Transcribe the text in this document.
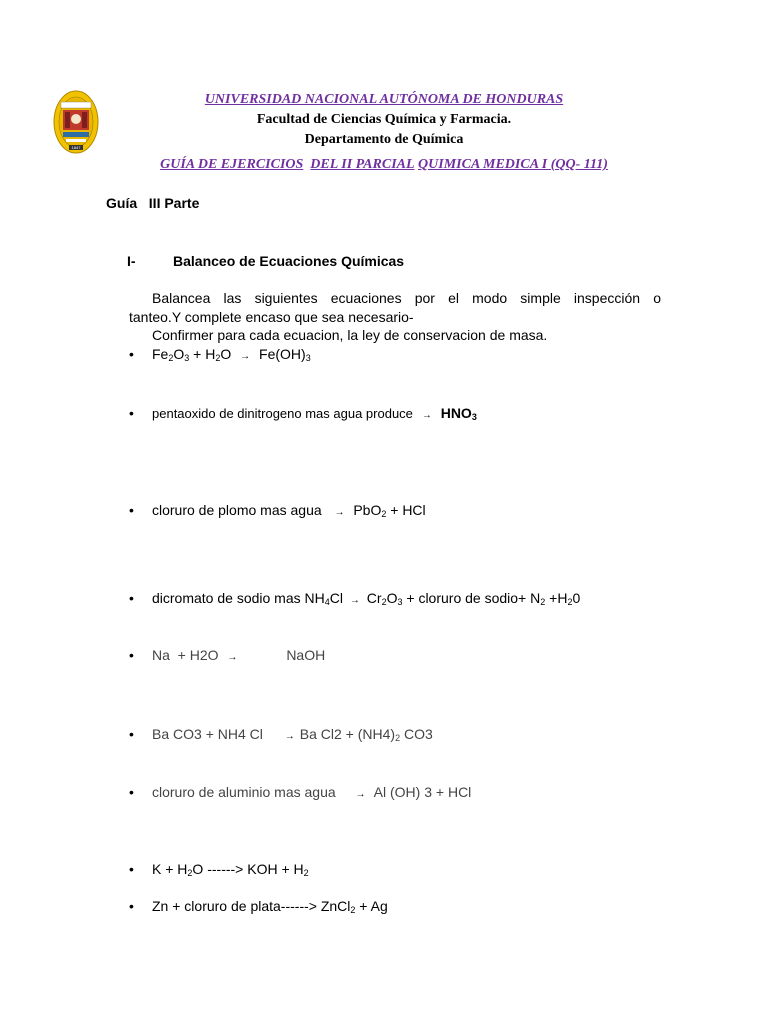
1847
UNIVERSIDAD NACIONAL AUTÓNOMA DE HONDURAS
Facultad de Ciencias Química y Farmacia.
Departamento de Química
GUÍA DE EJERCICIOS DEL II PARCIAL QUIMICA MEDICA I (QQ- 111)
Guía   III Parte
I-	Balanceo de Ecuaciones Químicas
Balancea las siguientes ecuaciones por el modo simple inspección o
tanteo.Y complete encaso que sea necesario-
Confirmer para cada ecuacion, la ley de conservacion de masa.
• $Fe_2O_3 + H_2O \to Fe(OH)_3$
• pentaoxido de dinitrogeno mas agua produce → $HNO_3$
• cloruro de plomo mas agua → PbO$_2$ + HCl
• dicromato de sodio mas $NH_4Cl \to Cr_2O_3$ + cloruro de sodio+ $N_2 +H_20$
• Na  + H2O →	NaOH
• Ba CO3 + NH4 Cl → Ba $Cl2 + (NH4)_2$ CO3
• cloruro de aluminio mas agua → Al (OH) 3 + HCl
• $K + H_2O$ ------> KOH + $H_2$
• Zn + cloruro de plata------> ZnCl$_2$ + Ag
